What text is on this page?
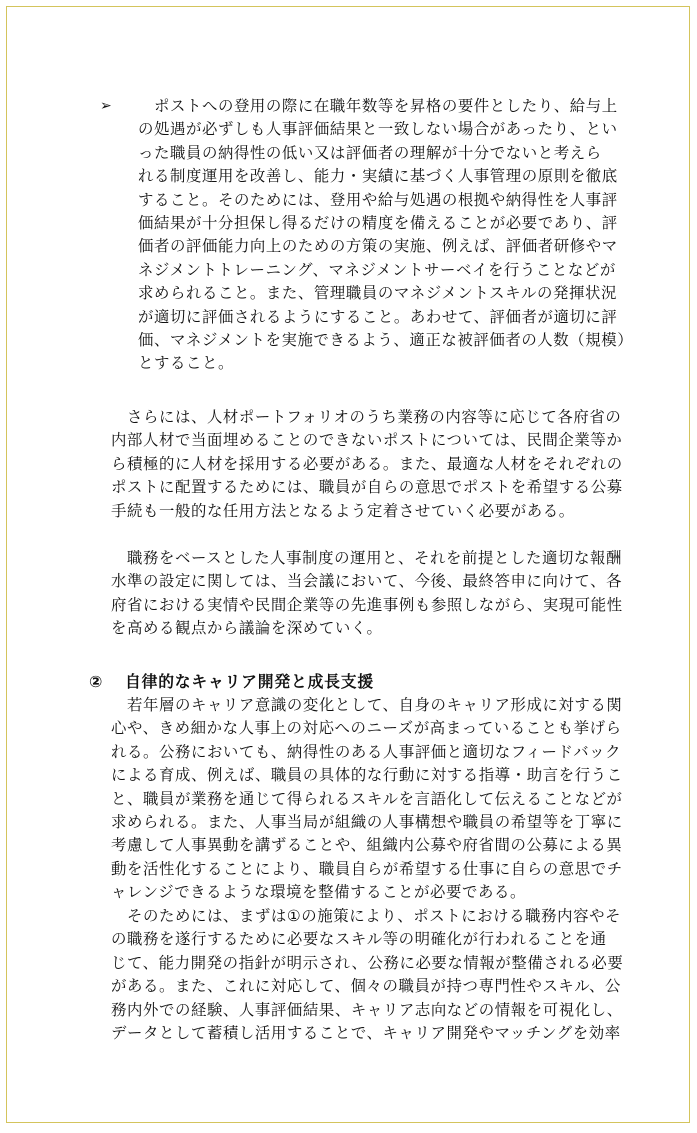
➢ 　ポストへの登用の際に在職年数等を昇格の要件としたり、給与上
の処遇が必ずしも人事評価結果と一致しない場合があったり、とい
った職員の納得性の低い又は評価者の理解が十分でないと考えら
れる制度運用を改善し、能力・実績に基づく人事管理の原則を徹底
すること。そのためには、登用や給与処遇の根拠や納得性を人事評
価結果が十分担保し得るだけの精度を備えることが必要であり、評
価者の評価能力向上のための方策の実施、例えば、評価者研修やマ
ネジメントトレーニング、マネジメントサーベイを行うことなどが
求められること。また、管理職員のマネジメントスキルの発揮状況
が適切に評価されるようにすること。あわせて、評価者が適切に評
価、マネジメントを実施できるよう、適正な被評価者の人数（規模）
とすること。
　さらには、人材ポートフォリオのうち業務の内容等に応じて各府省の
内部人材で当面埋めることのできないポストについては、民間企業等か
ら積極的に人材を採用する必要がある。また、最適な人材をそれぞれの
ポストに配置するためには、職員が自らの意思でポストを希望する公募
手続も一般的な任用方法となるよう定着させていく必要がある。
　職務をベースとした人事制度の運用と、それを前提とした適切な報酬
水準の設定に関しては、当会議において、今後、最終答申に向けて、各
府省における実情や民間企業等の先進事例も参照しながら、実現可能性
を高める観点から議論を深めていく。
② 自律的なキャリア開発と成長支援
　若年層のキャリア意識の変化として、自身のキャリア形成に対する関
心や、きめ細かな人事上の対応へのニーズが高まっていることも挙げら
れる。公務においても、納得性のある人事評価と適切なフィードバック
による育成、例えば、職員の具体的な行動に対する指導・助言を行うこ
と、職員が業務を通じて得られるスキルを言語化して伝えることなどが
求められる。また、人事当局が組織の人事構想や職員の希望等を丁寧に
考慮して人事異動を講ずることや、組織内公募や府省間の公募による異
動を活性化することにより、職員自らが希望する仕事に自らの意思でチ
ャレンジできるような環境を整備することが必要である。
　そのためには、まずは①の施策により、ポストにおける職務内容やそ
の職務を遂行するために必要なスキル等の明確化が行われることを通
じて、能力開発の指針が明示され、公務に必要な情報が整備される必要
がある。また、これに対応して、個々の職員が持つ専門性やスキル、公
務内外での経験、人事評価結果、キャリア志向などの情報を可視化し、
データとして蓄積し活用することで、キャリア開発やマッチングを効率
